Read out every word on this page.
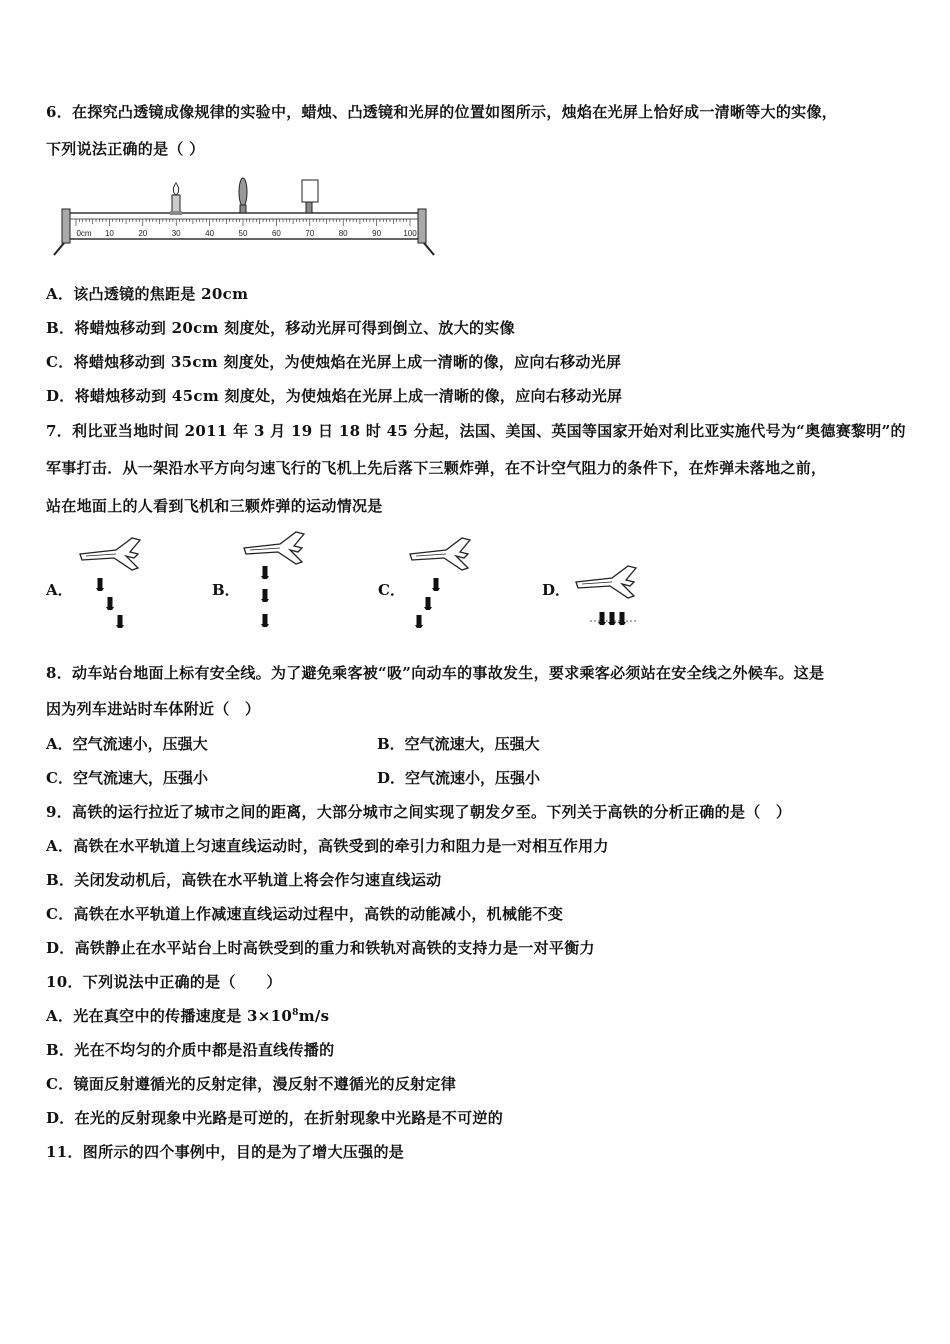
6．在探究凸透镜成像规律的实验中，蜡烛、凸透镜和光屏的位置如图所示，烛焰在光屏上恰好成一清晰等大的实像，
下列说法正确的是（ ）
0cm 10	20	30	40	50	60	70	80	90	100
A．该凸透镜的焦距是 20cm
B．将蜡烛移动到 20cm 刻度处，移动光屏可得到倒立、放大的实像
C．将蜡烛移动到 35cm 刻度处，为使烛焰在光屏上成一清晰的像，应向右移动光屏
D．将蜡烛移动到 45cm 刻度处，为使烛焰在光屏上成一清晰的像，应向右移动光屏
7．利比亚当地时间 2011 年 3 月 19 日 18 时 45 分起，法国、美国、英国等国家开始对利比亚实施代号为“奥德赛黎明”的
军事打击．从一架沿水平方向匀速飞行的飞机上先后落下三颗炸弹，在不计空气阻力的条件下，在炸弹未落地之前，
站在地面上的人看到飞机和三颗炸弹的运动情况是
A．	B．	C．	D．
8．动车站台地面上标有安全线。为了避免乘客被“吸”向动车的事故发生，要求乘客必须站在安全线之外候车。这是
因为列车进站时车体附近（　）
A．空气流速小，压强大	B．空气流速大，压强大
C．空气流速大，压强小	D．空气流速小，压强小
9．高铁的运行拉近了城市之间的距离，大部分城市之间实现了朝发夕至。下列关于高铁的分析正确的是（　）
A．高铁在水平轨道上匀速直线运动时，高铁受到的牵引力和阻力是一对相互作用力
B．关闭发动机后，高铁在水平轨道上将会作匀速直线运动
C．高铁在水平轨道上作减速直线运动过程中，高铁的动能减小，机械能不变
D．高铁静止在水平站台上时高铁受到的重力和铁轨对高铁的支持力是一对平衡力
10．下列说法中正确的是（　　）
A．光在真空中的传播速度是 $3\times 10^8m/s$
B．光在不均匀的介质中都是沿直线传播的
C．镜面反射遵循光的反射定律，漫反射不遵循光的反射定律
D．在光的反射现象中光路是可逆的，在折射现象中光路是不可逆的
11．图所示的四个事例中，目的是为了增大压强的是
